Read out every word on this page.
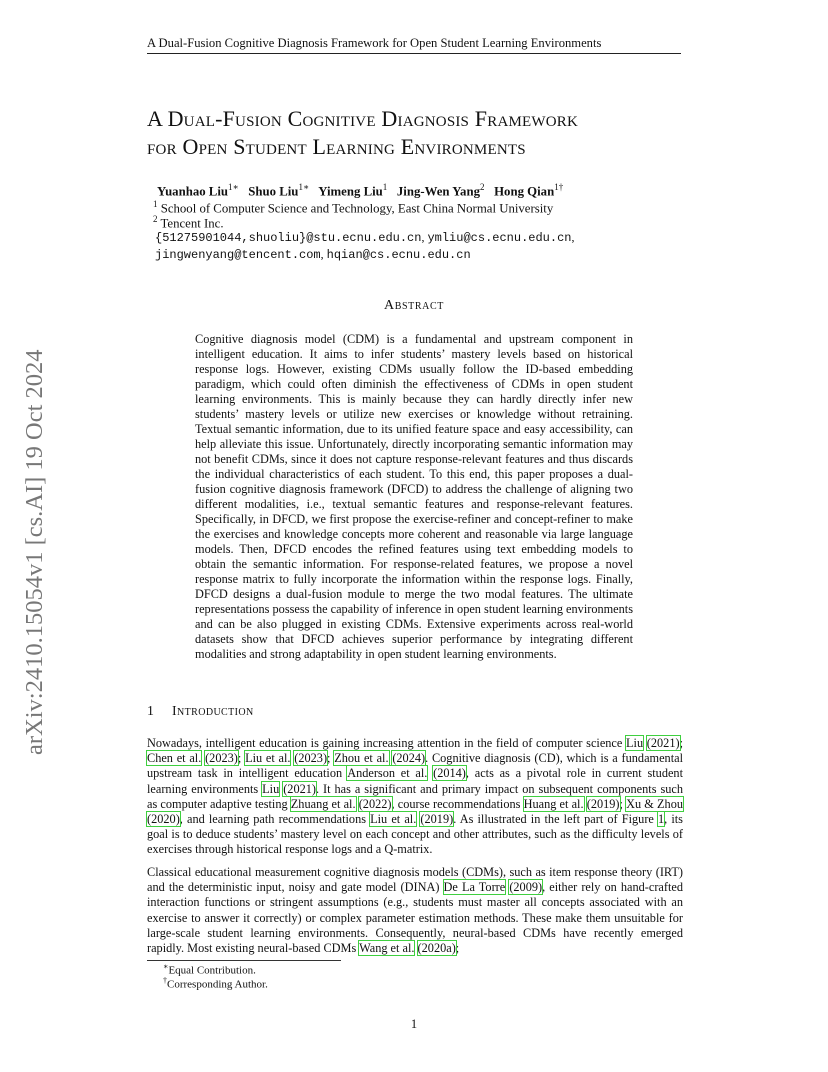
A Dual-Fusion Cognitive Diagnosis Framework for Open Student Learning Environments
A Dual-Fusion Cognitive Diagnosis Framework
for Open Student Learning Environments
Yuanhao Liu$^{1∗}$ Shuo Liu$^{1∗}$ Yimeng Liu$^1$ Jing-Wen Yang$^2$ Hong Qian$^{1\dagger}$
$^1$ School of Computer Science and Technology, East China Normal University
$^2$ Tencent Inc.
{51275901044,shuoliu}@stu.ecnu.edu.cn, ymliu@cs.ecnu.edu.cn,
jingwenyang@tencent.com, hqian@cs.ecnu.edu.cn
arXiv:2410.15054v1 [cs.AI] 19 Oct 2024
Abstract
Cognitive diagnosis model (CDM) is a fundamental and upstream component in intelligent education. It aims to infer students’ mastery levels based on historical response logs. However, existing CDMs usually follow the ID-based embedding paradigm, which could often diminish the effectiveness of CDMs in open student learning environments. This is mainly because they can hardly directly infer new students’ mastery levels or utilize new exercises or knowledge without retraining. Textual semantic information, due to its unified feature space and easy accessibility, can help alleviate this issue. Unfortunately, directly incorporating semantic information may not benefit CDMs, since it does not capture response-relevant features and thus discards the individual characteristics of each student. To this end, this paper proposes a dual-fusion cognitive diagnosis framework (DFCD) to address the challenge of aligning two different modalities, i.e., textual semantic features and response-relevant features. Specifically, in DFCD, we first propose the exercise-refiner and concept-refiner to make the exercises and knowledge concepts more coherent and reasonable via large language models. Then, DFCD encodes the refined features using text embedding models to obtain the semantic information. For response-related features, we propose a novel response matrix to fully incorporate the information within the response logs. Finally, DFCD designs a dual-fusion module to merge the two modal features. The ultimate representations possess the capability of inference in open student learning environments and can be also plugged in existing CDMs. Extensive experiments across real-world datasets show that DFCD achieves superior performance by integrating different modalities and strong adaptability in open student learning environments.
1 Introduction
Nowadays, intelligent education is gaining increasing attention in the field of computer science Liu (2021); Chen et al. (2023); Liu et al. (2023); Zhou et al. (2024). Cognitive diagnosis (CD), which is a fundamental upstream task in intelligent education Anderson et al. (2014), acts as a pivotal role in current student learning environments Liu (2021). It has a significant and primary impact on subsequent components such as computer adaptive testing Zhuang et al. (2022), course recommendations Huang et al. (2019); Xu & Zhou (2020), and learning path recommendations Liu et al. (2019). As illustrated in the left part of Figure 1, its goal is to deduce students’ mastery level on each concept and other attributes, such as the difficulty levels of exercises through historical response logs and a Q-matrix.
Classical educational measurement cognitive diagnosis models (CDMs), such as item response theory (IRT) and the deterministic input, noisy and gate model (DINA) De La Torre (2009), either rely on hand-crafted interaction functions or stringent assumptions (e.g., students must master all concepts associated with an exercise to answer it correctly) or complex parameter estimation methods. These make them unsuitable for large-scale student learning environments. Consequently, neural-based CDMs have recently emerged rapidly. Most existing neural-based CDMs Wang et al. (2020a);
∗Equal Contribution.
†Corresponding Author.
1
